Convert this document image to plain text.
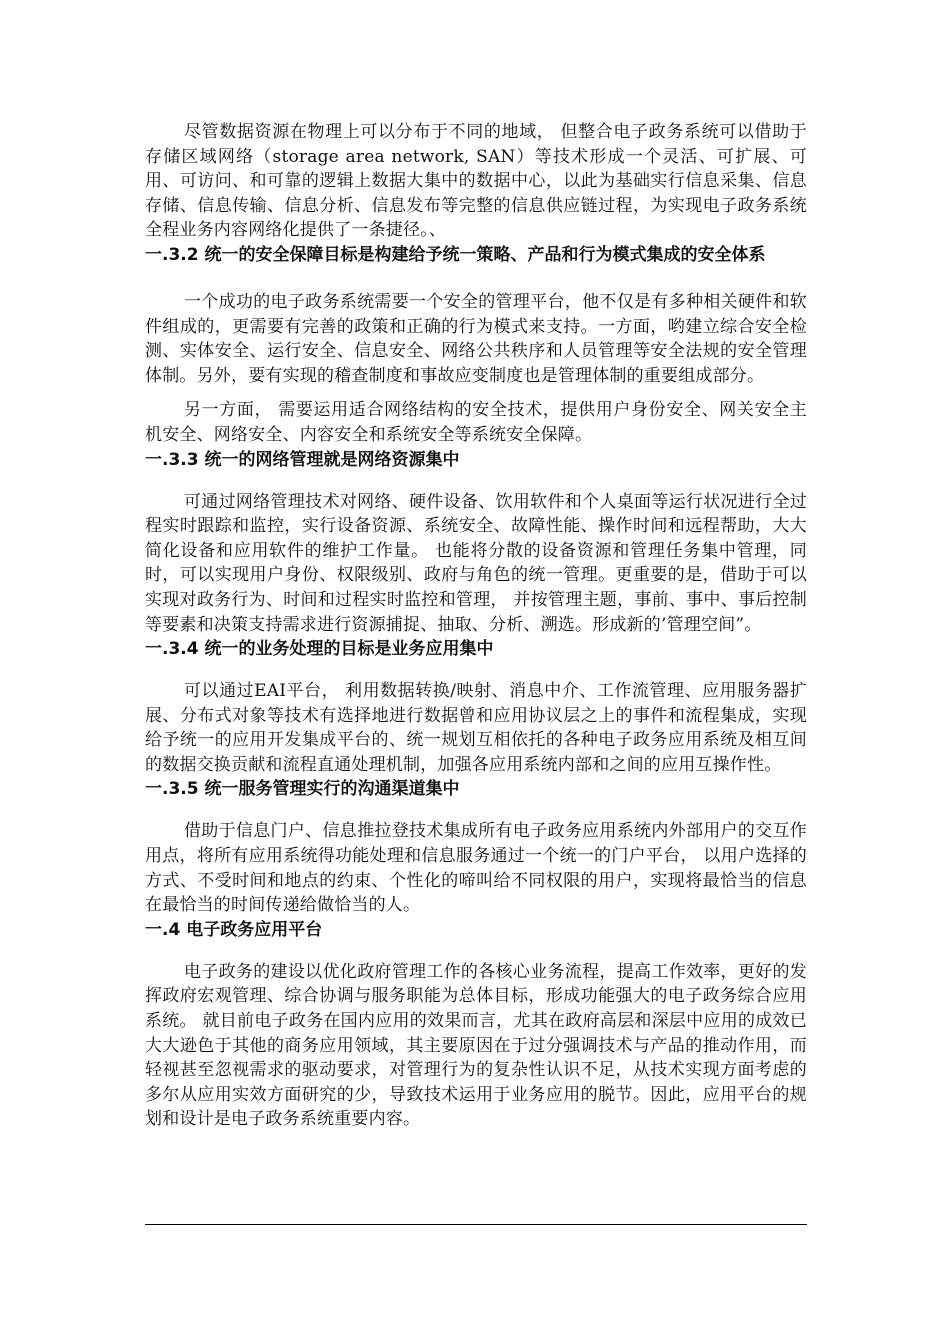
尽管数据资源在物理上可以分布于不同的地域， 但整合电子政务系统可以借助于存储区域网络（storage area network, SAN）等技术形成一个灵活、可扩展、可用、可访问、和可靠的逻辑上数据大集中的数据中心，以此为基础实行信息采集、信息存储、信息传输、信息分析、信息发布等完整的信息供应链过程，为实现电子政务系统全程业务内容网络化提供了一条捷径。、

一.3.2 统一的安全保障目标是构建给予统一策略、产品和行为模式集成的安全体系

一个成功的电子政务系统需要一个安全的管理平台，他不仅是有多种相关硬件和软件组成的，更需要有完善的政策和正确的行为模式来支持。一方面，哟建立综合安全检测、实体安全、运行安全、信息安全、网络公共秩序和人员管理等安全法规的安全管理体制。另外，要有实现的稽查制度和事故应变制度也是管理体制的重要组成部分。

另一方面， 需要运用适合网络结构的安全技术，提供用户身份安全、网关安全主机安全、网络安全、内容安全和系统安全等系统安全保障。

一.3.3 统一的网络管理就是网络资源集中

可通过网络管理技术对网络、硬件设备、饮用软件和个人桌面等运行状况进行全过程实时跟踪和监控，实行设备资源、系统安全、故障性能、操作时间和远程帮助，大大简化设备和应用软件的维护工作量。 也能将分散的设备资源和管理任务集中管理，同时，可以实现用户身份、权限级别、政府与角色的统一管理。更重要的是，借助于可以实现对政务行为、时间和过程实时监控和管理， 并按管理主题，事前、事中、事后控制等要素和决策支持需求进行资源捕捉、抽取、分析、溯选。形成新的’管理空间”。

一.3.4 统一的业务处理的目标是业务应用集中

可以通过EAI平台， 利用数据转换/映射、消息中介、工作流管理、应用服务器扩展、分布式对象等技术有选择地进行数据曾和应用协议层之上的事件和流程集成，实现给予统一的应用开发集成平台的、统一规划互相依托的各种电子政务应用系统及相互间的数据交换贡献和流程直通处理机制，加强各应用系统内部和之间的应用互操作性。

一.3.5 统一服务管理实行的沟通渠道集中

借助于信息门户、信息推拉登技术集成所有电子政务应用系统内外部用户的交互作用点，将所有应用系统得功能处理和信息服务通过一个统一的门户平台， 以用户选择的方式、不受时间和地点的约束、个性化的啼叫给不同权限的用户，实现将最恰当的信息在最恰当的时间传递给做恰当的人。

一.4 电子政务应用平台

电子政务的建设以优化政府管理工作的各核心业务流程，提高工作效率，更好的发挥政府宏观管理、综合协调与服务职能为总体目标，形成功能强大的电子政务综合应用系统。 就目前电子政务在国内应用的效果而言，尤其在政府高层和深层中应用的成效已大大逊色于其他的商务应用领域，其主要原因在于过分强调技术与产品的推动作用，而轻视甚至忽视需求的驱动要求，对管理行为的复杂性认识不足，从技术实现方面考虑的多尔从应用实效方面研究的少，导致技术运用于业务应用的脱节。因此，应用平台的规划和设计是电子政务系统重要内容。
